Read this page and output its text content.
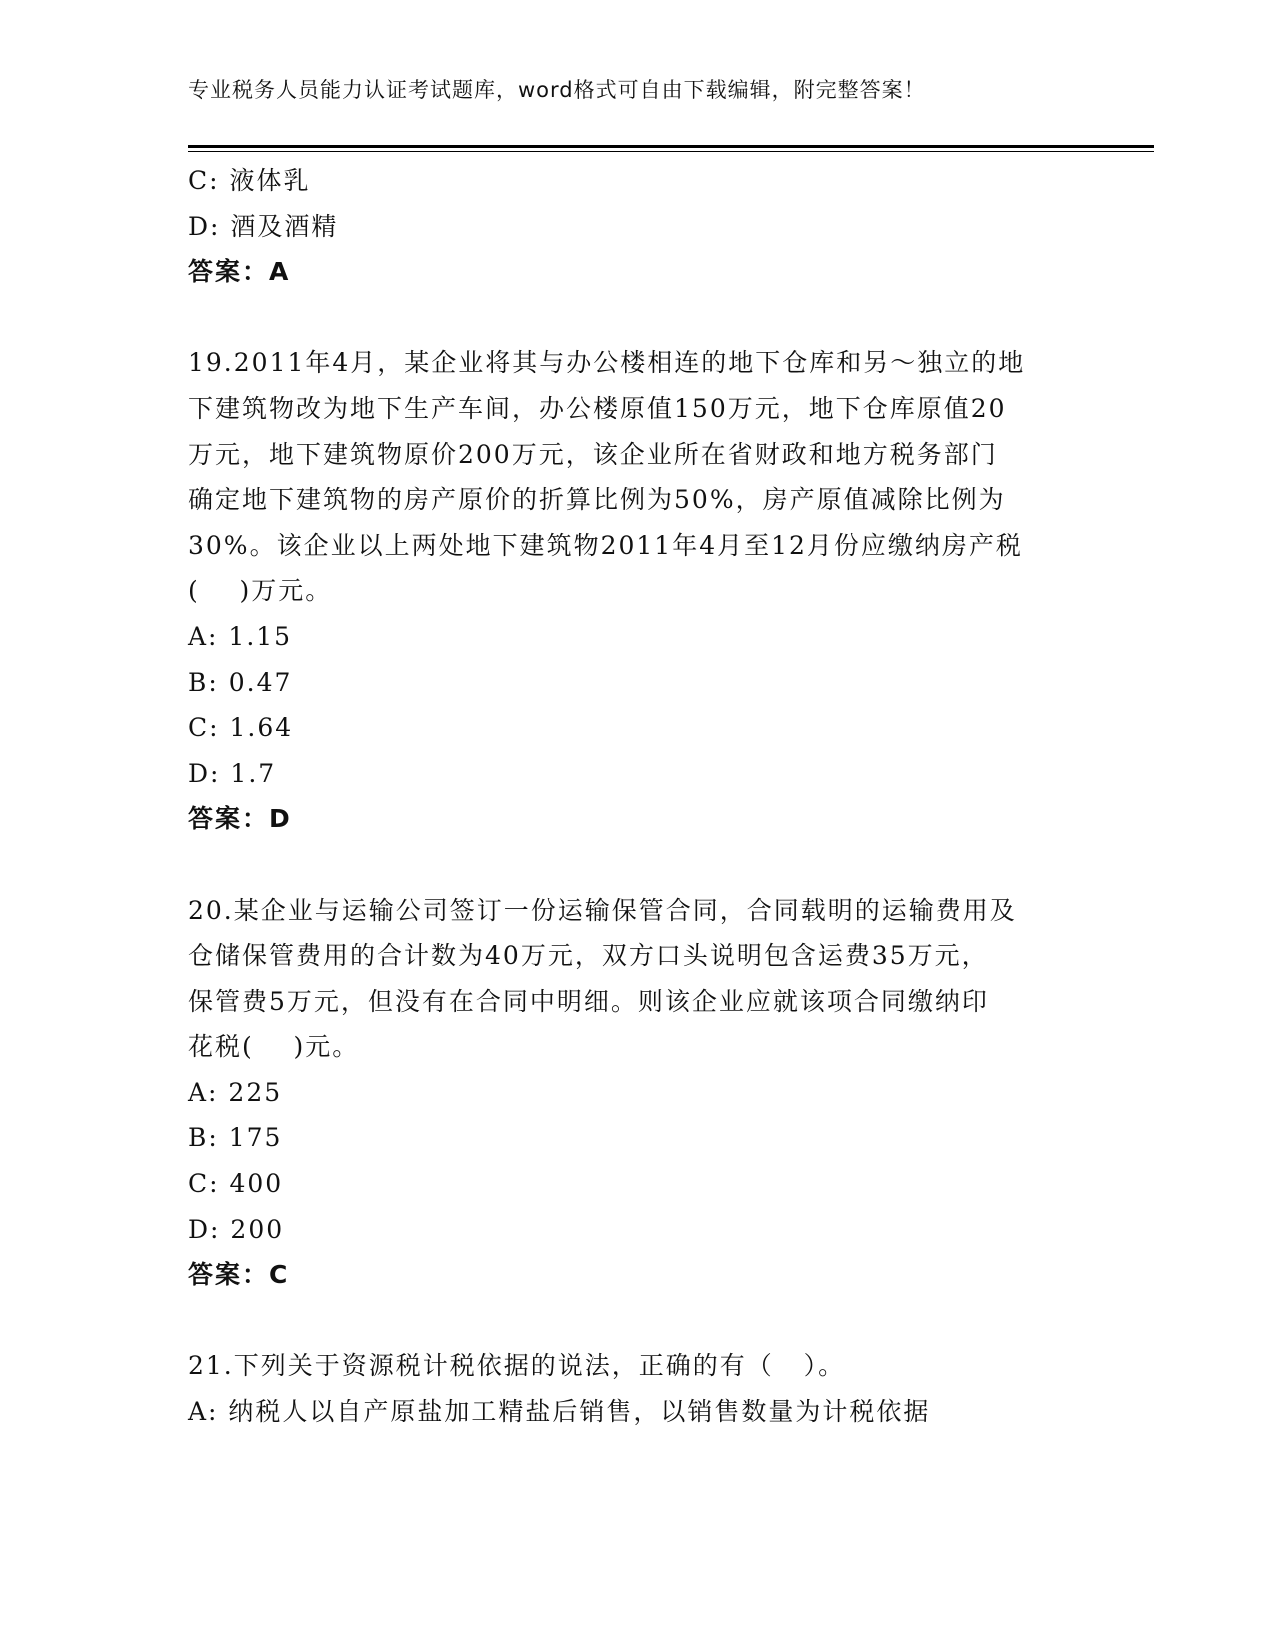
专业税务人员能力认证考试题库，word格式可自由下载编辑，附完整答案！
C: 液体乳
D: 酒及酒精
答案：A
19.2011年4月，某企业将其与办公楼相连的地下仓库和另～独立的地
下建筑物改为地下生产车间，办公楼原值150万元，地下仓库原值20
万元，地下建筑物原价200万元，该企业所在省财政和地方税务部门
确定地下建筑物的房产原价的折算比例为50%，房产原值减除比例为
30%。该企业以上两处地下建筑物2011年4月至12月份应缴纳房产税
(    )万元。
A: 1.15
B: 0.47
C: 1.64
D: 1.7
答案：D
20.某企业与运输公司签订一份运输保管合同，合同载明的运输费用及
仓储保管费用的合计数为40万元，双方口头说明包含运费35万元，
保管费5万元，但没有在合同中明细。则该企业应就该项合同缴纳印
花税(    )元。
A: 225
B: 175
C: 400
D: 200
答案：C
21.下列关于资源税计税依据的说法，正确的有（   ）。
A: 纳税人以自产原盐加工精盐后销售，以销售数量为计税依据
